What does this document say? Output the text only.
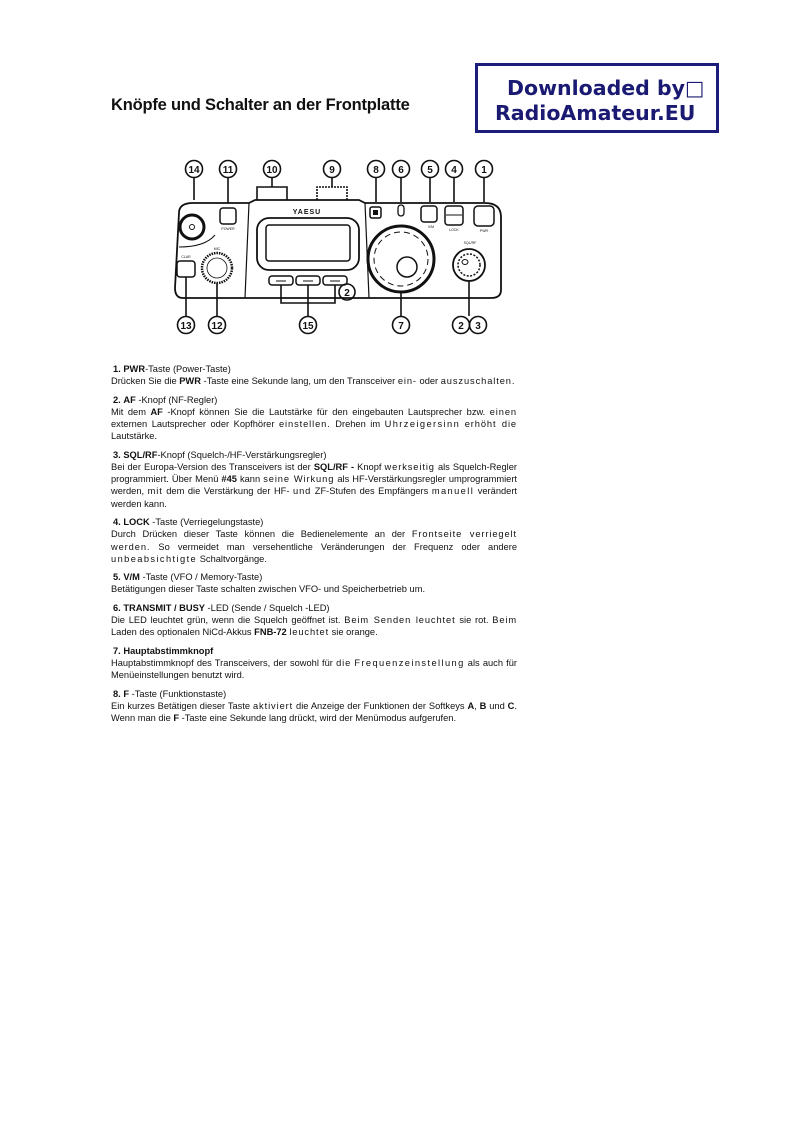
Downloaded by□
RadioAmateur.EU
Knöpfe und Schalter an der Frontplatte
14 11	10	9	8 6 5 4 1
POWER
CLAR
MIC
YAESU
V/M
LOCK	PWR
SQL/RF
13 12	15	7	2 3
2
1. PWR-Taste (Power-Taste)

Drücken Sie die PWR -Taste eine Sekunde lang, um den Transceiver ein- oder auszuschalten.

2. AF -Knopf (NF-Regler)

Mit dem AF -Knopf können Sie die Lautstärke für den eingebauten Lautsprecher bzw. einen externen Lautsprecher oder Kopfhörer einstellen. Drehen im Uhrzeigersinn erhöht die Lautstärke.

3. SQL/RF-Knopf (Squelch-/HF-Verstärkungsregler)

Bei der Europa-Version des Transceivers ist der SQL/RF - Knopf werkseitig als Squelch-Regler programmiert. Über Menü #45 kann seine Wirkung als HF-Verstärkungsregler umprogrammiert werden, mit dem die Verstärkung der HF- und ZF-Stufen des Empfängers manuell verändert werden kann.

4. LOCK -Taste (Verriegelungstaste)

Durch Drücken dieser Taste können die Bedienelemente an der Frontseite verriegelt werden. So vermeidet man versehentliche Veränderungen der Frequenz oder andere unbeabsichtigte Schaltvorgänge.

5. V/M -Taste (VFO / Memory-Taste)

Betätigungen dieser Taste schalten zwischen VFO- und Speicherbetrieb um.

6. TRANSMIT / BUSY -LED (Sende / Squelch -LED)

Die LED leuchtet grün, wenn die Squelch geöffnet ist. Beim Senden leuchtet sie rot. Beim Laden des optionalen NiCd-Akkus FNB-72 leuchtet sie orange.

7. Hauptabstimmknopf

Hauptabstimmknopf des Transceivers, der sowohl für die Frequenzeinstellung als auch für Menüeinstellungen benutzt wird.

8. F -Taste (Funktionstaste)

Ein kurzes Betätigen dieser Taste aktiviert die Anzeige der Funktionen der Softkeys A, B und C. Wenn man die F -Taste eine Sekunde lang drückt, wird der Menümodus aufgerufen.
